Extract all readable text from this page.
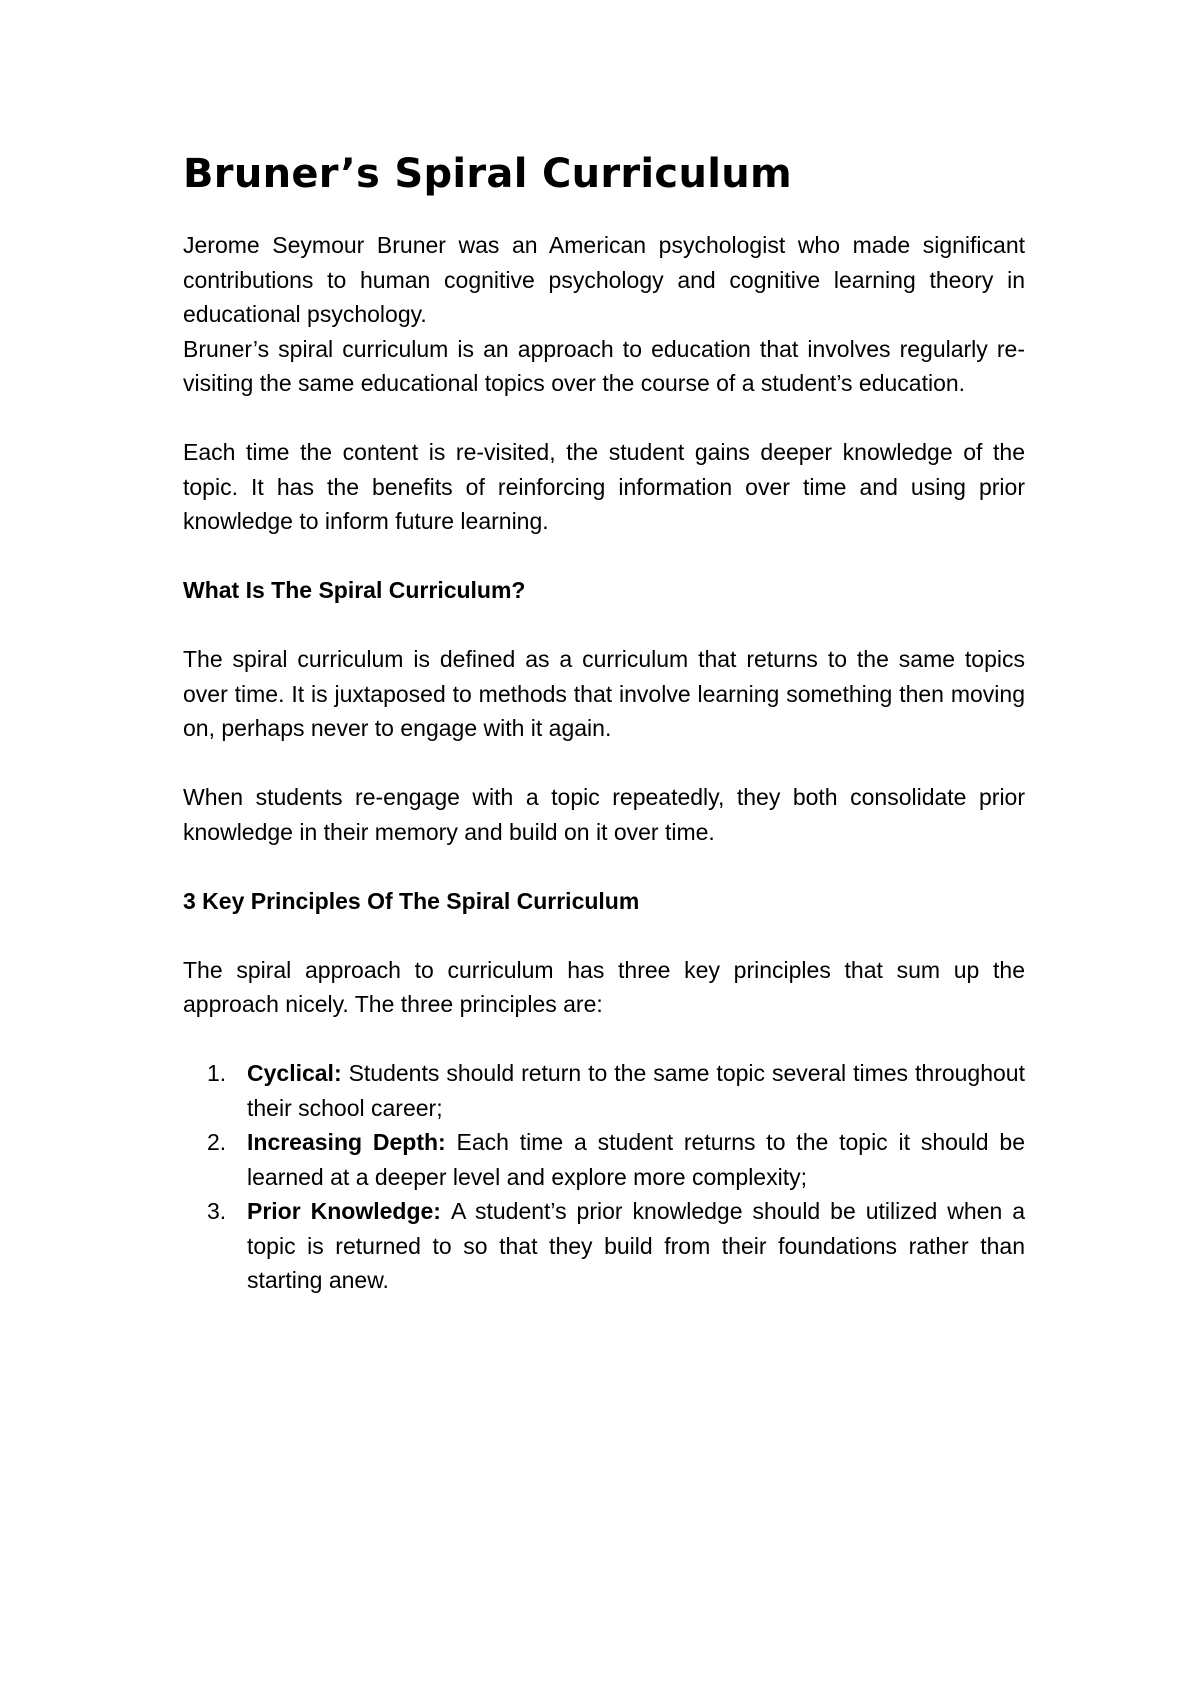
Bruner’s Spiral Curriculum

Jerome Seymour Bruner was an American psychologist who made significant contributions to human cognitive psychology and cognitive learning theory in educational psychology.

Bruner’s spiral curriculum is an approach to education that involves regularly re-visiting the same educational topics over the course of a student’s education.

Each time the content is re-visited, the student gains deeper knowledge of the topic. It has the benefits of reinforcing information over time and using prior knowledge to inform future learning.

What Is The Spiral Curriculum?

The spiral curriculum is defined as a curriculum that returns to the same topics over time. It is juxtaposed to methods that involve learning something then moving on, perhaps never to engage with it again.

When students re-engage with a topic repeatedly, they both consolidate prior knowledge in their memory and build on it over time.

3 Key Principles Of The Spiral Curriculum

The spiral approach to curriculum has three key principles that sum up the approach nicely. The three principles are:

1. Cyclical: Students should return to the same topic several times throughout their school career;
2. Increasing Depth: Each time a student returns to the topic it should be learned at a deeper level and explore more complexity;
3. Prior Knowledge: A student’s prior knowledge should be utilized when a topic is returned to so that they build from their foundations rather than starting anew.
